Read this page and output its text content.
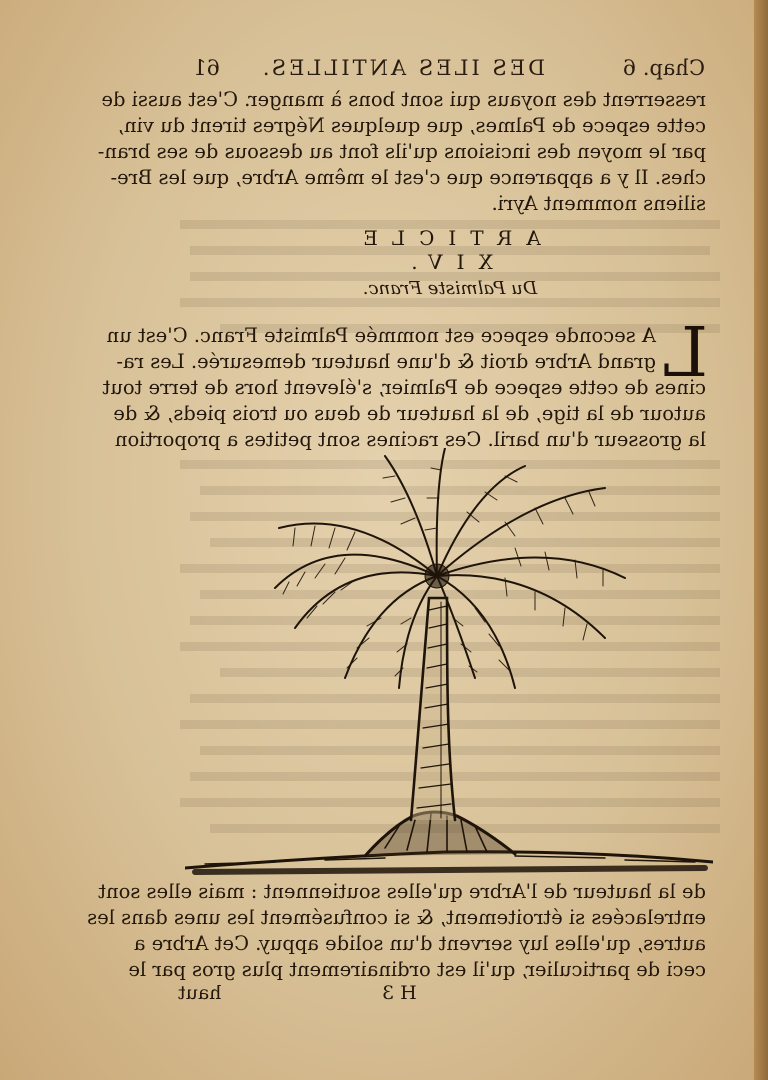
Chap. 6
DES ILES ANTILLES.
61
resserrent des noyaus qui sont bons à manger. C'est aussi de
cette espece de Palmes, que quelques Négres tirent du vin,
par le moyen des incisions qu'ils font au dessous de ses bran-
ches. Il y a apparence que c'est le même Arbre, que les Bre-
siliens nomment Ayri.
ARTICLE XIV.
Du Palmiste Franc.
L
A seconde espece est nommée Palmiste Franc. C'est un
grand Arbre droit & d'une hauteur demesurée. Les ra-
cines de cette espece de Palmier, s'élevent hors de terre tout
autour de la tige, de la hauteur de deus ou trois pieds, & de
la grosseur d'un baril. Ces racines sont petites a proportion
de la hauteur de l'Arbre qu'elles soutiennent : mais elles sont
entrelacées si étroitement, & si confusément les unes dans les
autres, qu'elles luy servent d'un solide appuy. Cet Arbre a
ceci de particulier, qu'il est ordinairement plus gros par le
H 3
haut
